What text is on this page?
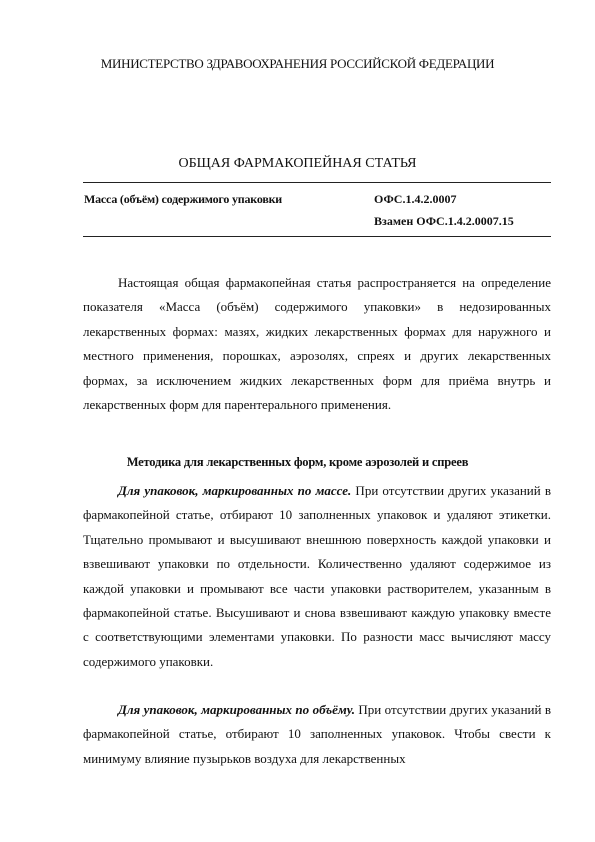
МИНИСТЕРСТВО ЗДРАВООХРАНЕНИЯ РОССИЙСКОЙ ФЕДЕРАЦИИ
ОБЩАЯ ФАРМАКОПЕЙНАЯ СТАТЬЯ
Масса (объём) содержимого упаковки	ОФС.1.4.2.0007
Взамен ОФС.1.4.2.0007.15

Настоящая общая фармакопейная статья распространяется на определение показателя «Масса (объём) содержимого упаковки» в недозированных лекарственных формах: мазях, жидких лекарственных формах для наружного и местного применения, порошках, аэрозолях, спреях и других лекарственных формах, за исключением жидких лекарственных форм для приёма внутрь и лекарственных форм для парентерального применения.

Методика для лекарственных форм, кроме аэрозолей и спреев

Для упаковок, маркированных по массе. При отсутствии других указаний в фармакопейной статье, отбирают 10 заполненных упаковок и удаляют этикетки. Тщательно промывают и высушивают внешнюю поверхность каждой упаковки и взвешивают упаковки по отдельности. Количественно удаляют содержимое из каждой упаковки и промывают все части упаковки растворителем, указанным в фармакопейной статье. Высушивают и снова взвешивают каждую упаковку вместе с соответствующими элементами упаковки. По разности масс вычисляют массу содержимого упаковки.

Для упаковок, маркированных по объёму. При отсутствии других указаний в фармакопейной статье, отбирают 10 заполненных упаковок. Чтобы свести к минимуму влияние пузырьков воздуха для лекарственных
